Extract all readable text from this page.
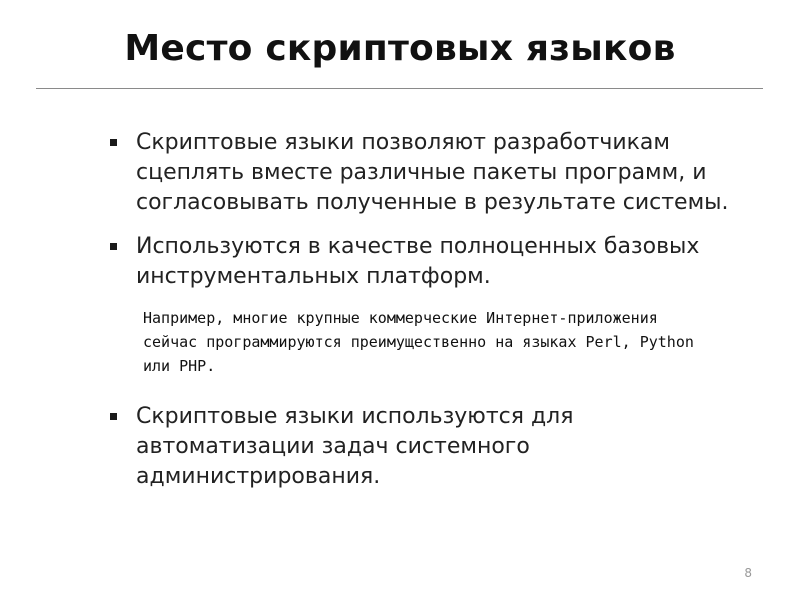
Место скриптовых языков
Скриптовые языки позволяют разработчикам сцеплять вместе различные пакеты программ, и согласовывать полученные в результате системы.
Используются в качестве полноценных базовых инструментальных платформ.
Например, многие крупные коммерческие Интернет-приложения сейчас программируются преимущественно на языках Perl, Python или PHP.
Скриптовые языки используются для автоматизации задач системного администрирования.
8
